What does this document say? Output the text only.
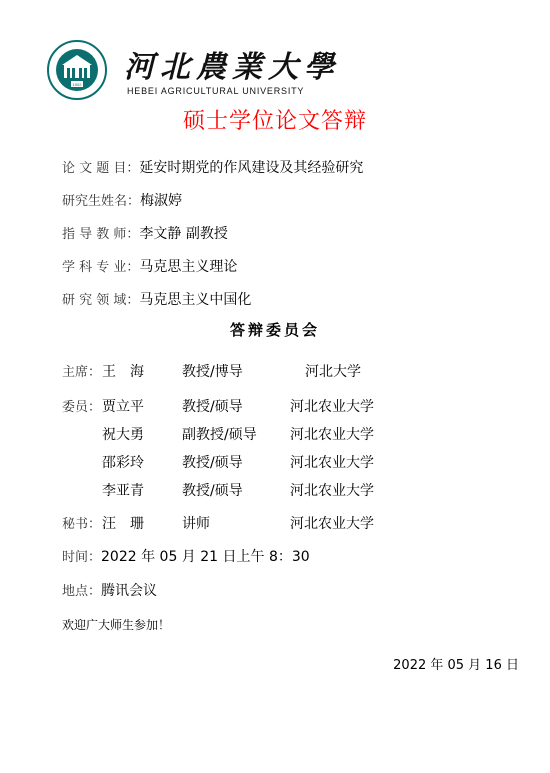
1902 河北農業大學
HEBEI AGRICULTURAL UNIVERSITY
硕士学位论文答辩
论 文 题 目： 延安时期党的作风建设及其经验研究
研究生姓名： 梅淑婷
指 导 教 师： 李文静 副教授
学 科 专 业： 马克思主义理论
研 究 领 域： 马克思主义中国化
答辩委员会
主席： 王　海	教授/博导	河北大学
委员： 贾立平	教授/硕导	河北农业大学
祝大勇	副教授/硕导 河北农业大学
邵彩玲	教授/硕导	河北农业大学
李亚青	教授/硕导	河北农业大学
秘书： 汪　珊	讲师	河北农业大学
时间：2022 年 05 月 21 日上午 8：30
地点：腾讯会议
欢迎广大师生参加！
2022 年 05 月 16 日
